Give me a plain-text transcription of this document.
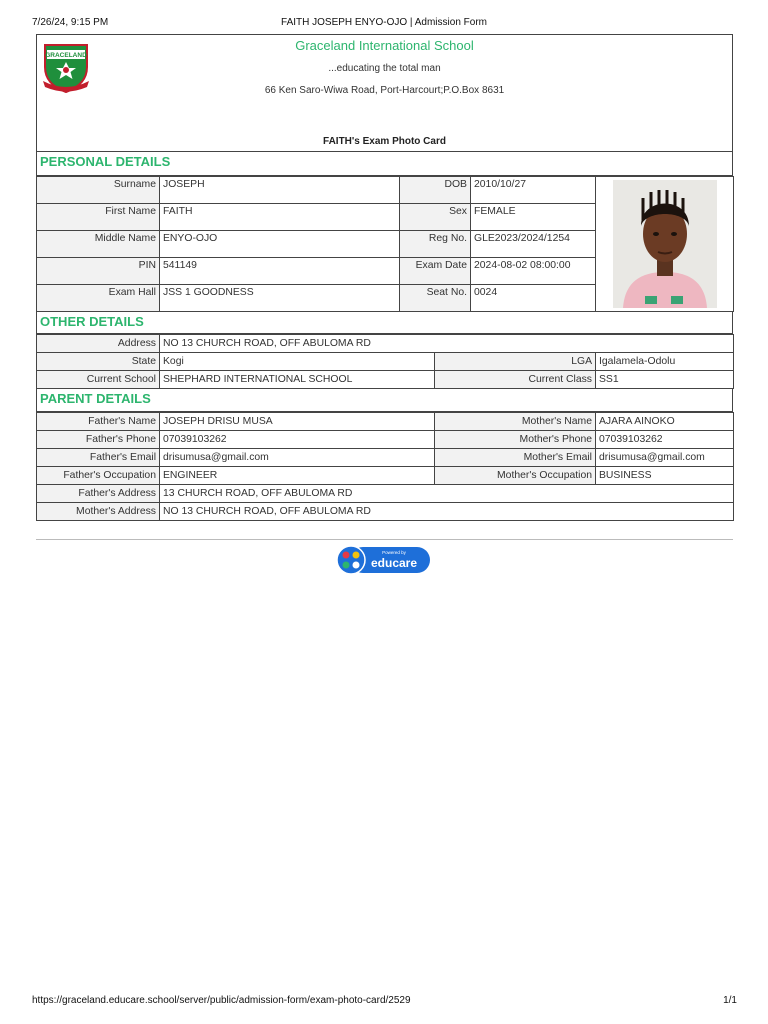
7/26/24, 9:15 PM	FAITH JOSEPH ENYO-OJO | Admission Form
GRACELAND
Graceland International School
...educating the total man
66 Ken Saro-Wiwa Road, Port-Harcourt;P.O.Box 8631
FAITH's Exam Photo Card
PERSONAL DETAILS
Surname	JOSEPH	DOB	2010/10/27	

First Name	FAITH	Sex	FEMALE	
Middle Name	ENYO-OJO	Reg No.	GLE2023/2024/1254	
PIN	541149	Exam Date	2024-08-02 08:00:00	
Exam Hall	JSS 1 GOODNESS	Seat No.	0024	
OTHER DETAILS
Address	NO 13 CHURCH ROAD, OFF ABULOMA RD		
State	Kogi	LGA	Igalamela-Odolu
Current School	SHEPHARD INTERNATIONAL SCHOOL	Current Class	SS1
PARENT DETAILS
Father's Name	JOSEPH DRISU MUSA	Mother's Name	AJARA AINOKO
Father's Phone	07039103262	Mother's Phone	07039103262
Father's Email	drisumusa@gmail.com	Mother's Email	drisumusa@gmail.com
Father's Occupation	ENGINEER	Mother's Occupation	BUSINESS
Father's Address	13 CHURCH ROAD, OFF ABULOMA RD		
Mother's Address	NO 13 CHURCH ROAD, OFF ABULOMA RD		
Powered by
educare
https://graceland.educare.school/server/public/admission-form/exam-photo-card/2529	1/1
